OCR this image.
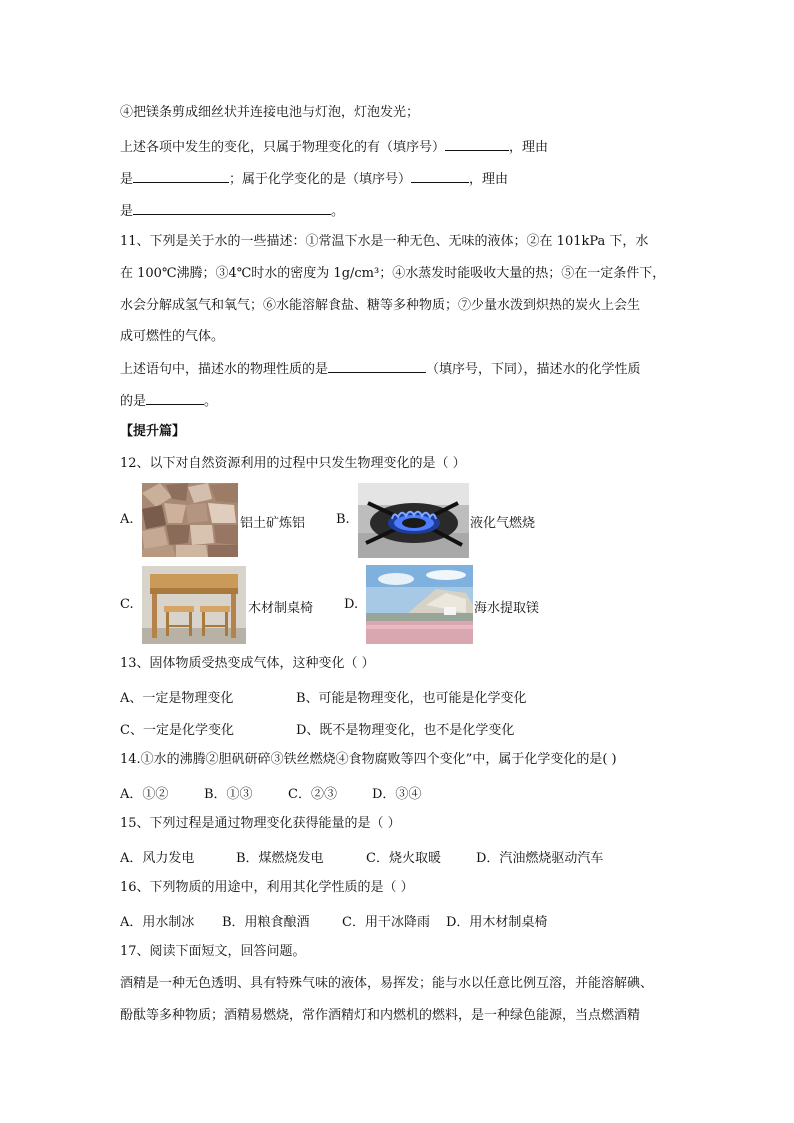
④把镁条剪成细丝状并连接电池与灯泡，灯泡发光；
上述各项中发生的变化，只属于物理变化的有（填序号）	，理由
是	；属于化学变化的是（填序号）	，理由
是	。
11、下列是关于水的一些描述：①常温下水是一种无色、无味的液体；②在 101kPa 下，水
在 100℃沸腾；③4℃时水的密度为 1g/cm³；④水蒸发时能吸收大量的热；⑤在一定条件下，
水会分解成氢气和氧气；⑥水能溶解食盐、糖等多种物质；⑦少量水泼到炽热的炭火上会生
成可燃性的气体。
上述语句中，描述水的物理性质的是	（填序号，下同），描述水的化学性质
的是	。
【提升篇】
12、以下对自然资源利用的过程中只发生物理变化的是（ ）
A.	铝土矿炼铝 B.	液化气燃烧
C.	木材制桌椅 D.	海水提取镁
13、固体物质受热变成气体，这种变化（ ）
A、一定是物理变化	B、可能是物理变化，也可能是化学变化
C、一定是化学变化	D、既不是物理变化，也不是化学变化
14.①水的沸腾②胆矾研碎③铁丝燃烧④食物腐败等四个变化”中，属于化学变化的是( )
A．①②	B．①③	C．②③	D．③④
15、下列过程是通过物理变化获得能量的是（ ）
A．风力发电	B．煤燃烧发电	C．烧火取暖	D．汽油燃烧驱动汽车
16、下列物质的用途中，利用其化学性质的是（ ）
A．用水制冰 B．用粮食酿酒 C．用干冰降雨 D．用木材制桌椅
17、阅读下面短文，回答问题。
酒精是一种无色透明、具有特殊气味的液体，易挥发；能与水以任意比例互溶，并能溶解碘、
酚酞等多种物质；酒精易燃烧，常作酒精灯和内燃机的燃料，是一种绿色能源，当点燃酒精
